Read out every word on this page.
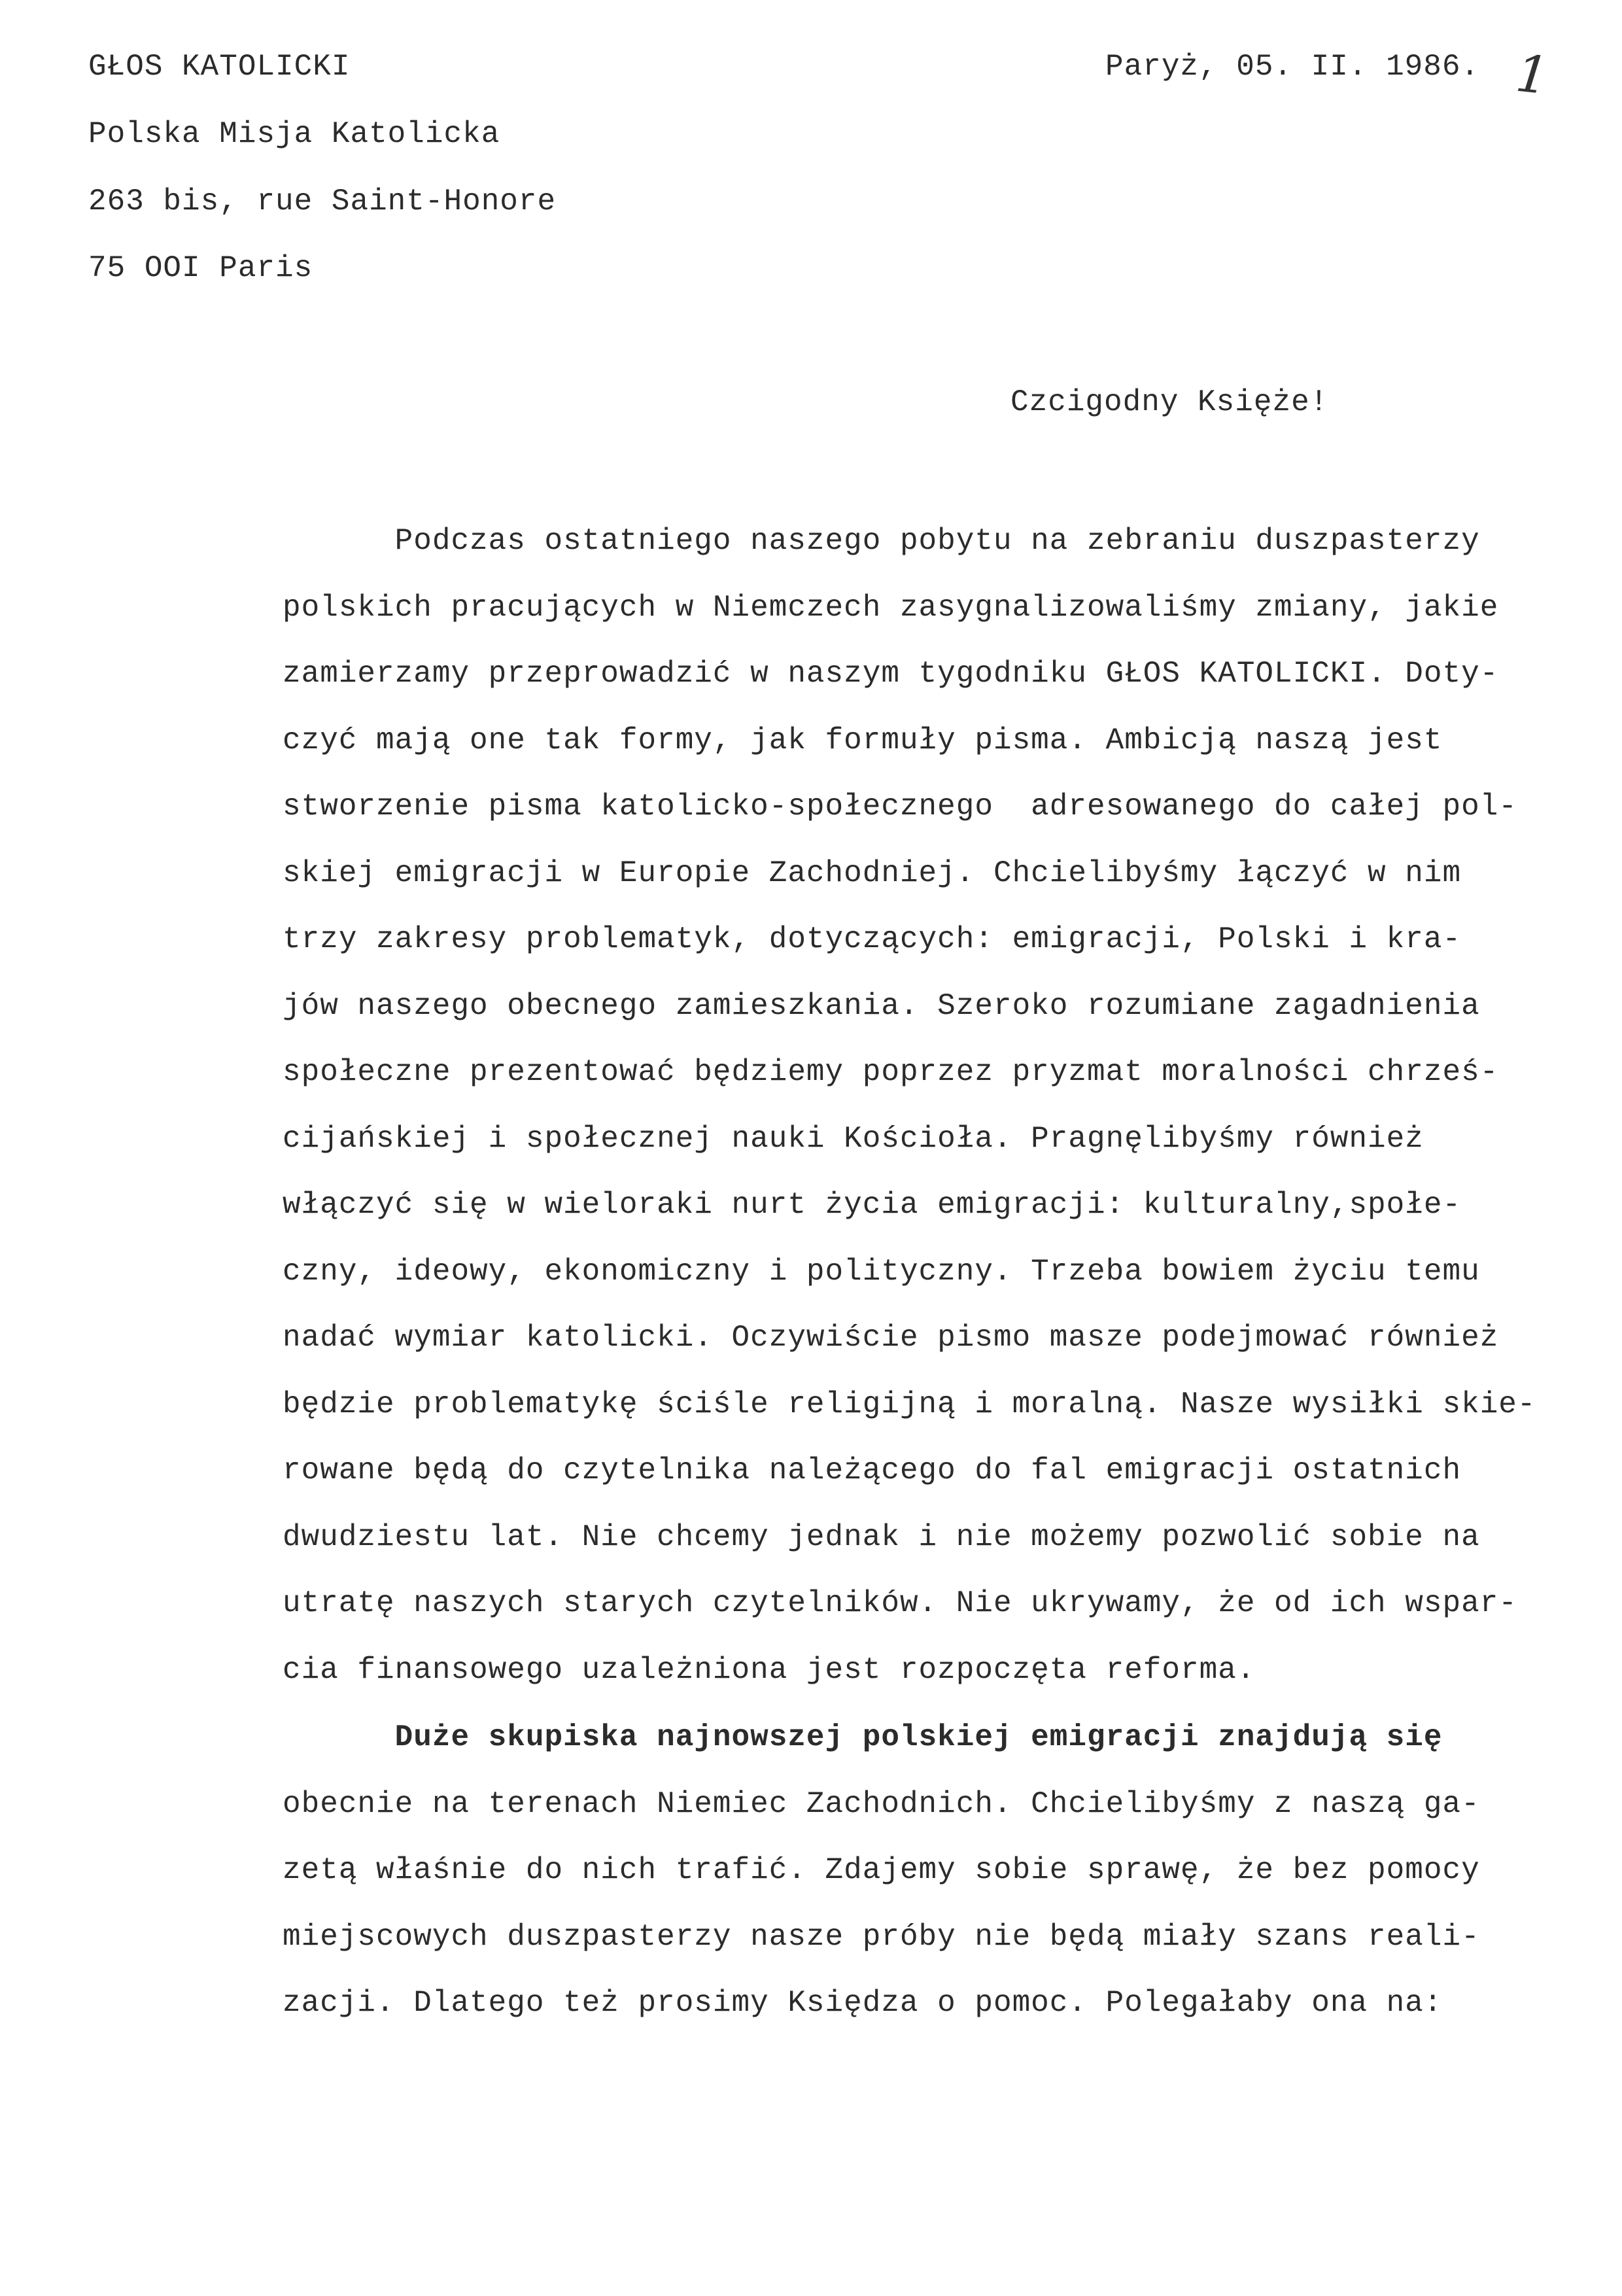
GŁOS KATOLICKI
Polska Misja Katolicka
263 bis, rue Saint-Honore
75 OOI Paris
Paryż, 05. II. 1986. 1
Czcigodny Księże!
Podczas ostatniego naszego pobytu na zebraniu duszpasterzy
polskich pracujących w Niemczech zasygnalizowaliśmy zmiany, jakie
zamierzamy przeprowadzić w naszym tygodniku GŁOS KATOLICKI. Doty-
czyć mają one tak formy, jak formuły pisma. Ambicją naszą jest
stworzenie pisma katolicko-społecznego  adresowanego do całej pol-
skiej emigracji w Europie Zachodniej. Chcielibyśmy łączyć w nim
trzy zakresy problematyk, dotyczących: emigracji, Polski i kra-
jów naszego obecnego zamieszkania. Szeroko rozumiane zagadnienia
społeczne prezentować będziemy poprzez pryzmat moralności chrześ-
cijańskiej i społecznej nauki Kościoła. Pragnęlibyśmy również
włączyć się w wieloraki nurt życia emigracji: kulturalny,społe-
czny, ideowy, ekonomiczny i polityczny. Trzeba bowiem życiu temu
nadać wymiar katolicki. Oczywiście pismo masze podejmować również
będzie problematykę ściśle religijną i moralną. Nasze wysiłki skie-
rowane będą do czytelnika należącego do fal emigracji ostatnich
dwudziestu lat. Nie chcemy jednak i nie możemy pozwolić sobie na
utratę naszych starych czytelników. Nie ukrywamy, że od ich wspar-
cia finansowego uzależniona jest rozpoczęta reforma.
Duże skupiska najnowszej polskiej emigracji znajdują się
obecnie na terenach Niemiec Zachodnich. Chcielibyśmy z naszą ga-
zetą właśnie do nich trafić. Zdajemy sobie sprawę, że bez pomocy
miejscowych duszpasterzy nasze próby nie będą miały szans reali-
zacji. Dlatego też prosimy Księdza o pomoc. Polegałaby ona na:
